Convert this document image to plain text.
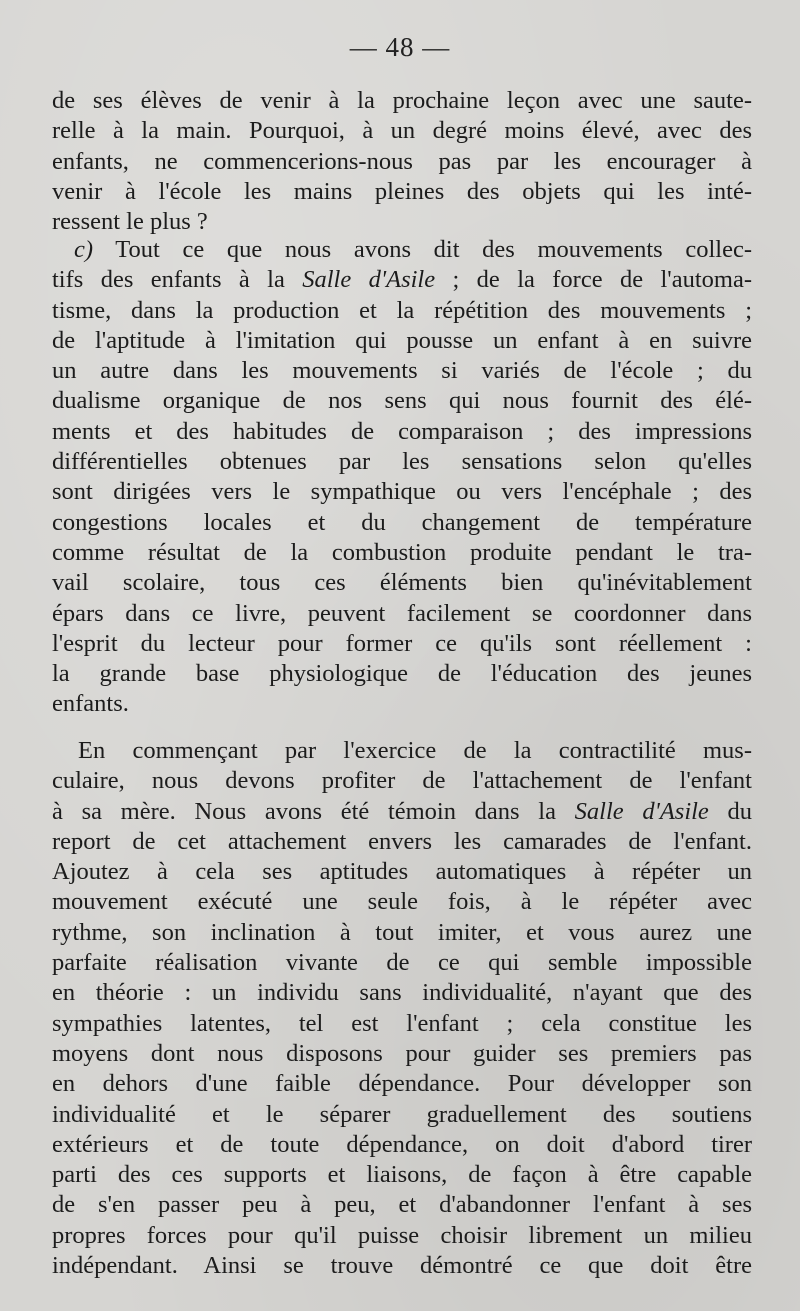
— 48 —
de ses élèves de venir à la prochaine leçon avec une saute-
relle à la main. Pourquoi, à un degré moins élevé, avec des
enfants, ne commencerions-nous pas par les encourager à
venir à l'école les mains pleines des objets qui les inté-
ressent le plus ?
c) Tout ce que nous avons dit des mouvements collec-
tifs des enfants à la Salle d'Asile ; de la force de l'automa-
tisme, dans la production et la répétition des mouvements ;
de l'aptitude à l'imitation qui pousse un enfant à en suivre
un autre dans les mouvements si variés de l'école ; du
dualisme organique de nos sens qui nous fournit des élé-
ments et des habitudes de comparaison ; des impressions
différentielles obtenues par les sensations selon qu'elles
sont dirigées vers le sympathique ou vers l'encéphale ; des
congestions locales et du changement de température
comme résultat de la combustion produite pendant le tra-
vail scolaire, tous ces éléments bien qu'inévitablement
épars dans ce livre, peuvent facilement se coordonner dans
l'esprit du lecteur pour former ce qu'ils sont réellement :
la grande base physiologique de l'éducation des jeunes
enfants.
En commençant par l'exercice de la contractilité mus-
culaire, nous devons profiter de l'attachement de l'enfant
à sa mère. Nous avons été témoin dans la Salle d'Asile du
report de cet attachement envers les camarades de l'enfant.
Ajoutez à cela ses aptitudes automatiques à répéter un
mouvement exécuté une seule fois, à le répéter avec
rythme, son inclination à tout imiter, et vous aurez une
parfaite réalisation vivante de ce qui semble impossible
en théorie : un individu sans individualité, n'ayant que des
sympathies latentes, tel est l'enfant ; cela constitue les
moyens dont nous disposons pour guider ses premiers pas
en dehors d'une faible dépendance. Pour développer son
individualité et le séparer graduellement des soutiens
extérieurs et de toute dépendance, on doit d'abord tirer
parti des ces supports et liaisons, de façon à être capable
de s'en passer peu à peu, et d'abandonner l'enfant à ses
propres forces pour qu'il puisse choisir librement un milieu
indépendant. Ainsi se trouve démontré ce que doit être
